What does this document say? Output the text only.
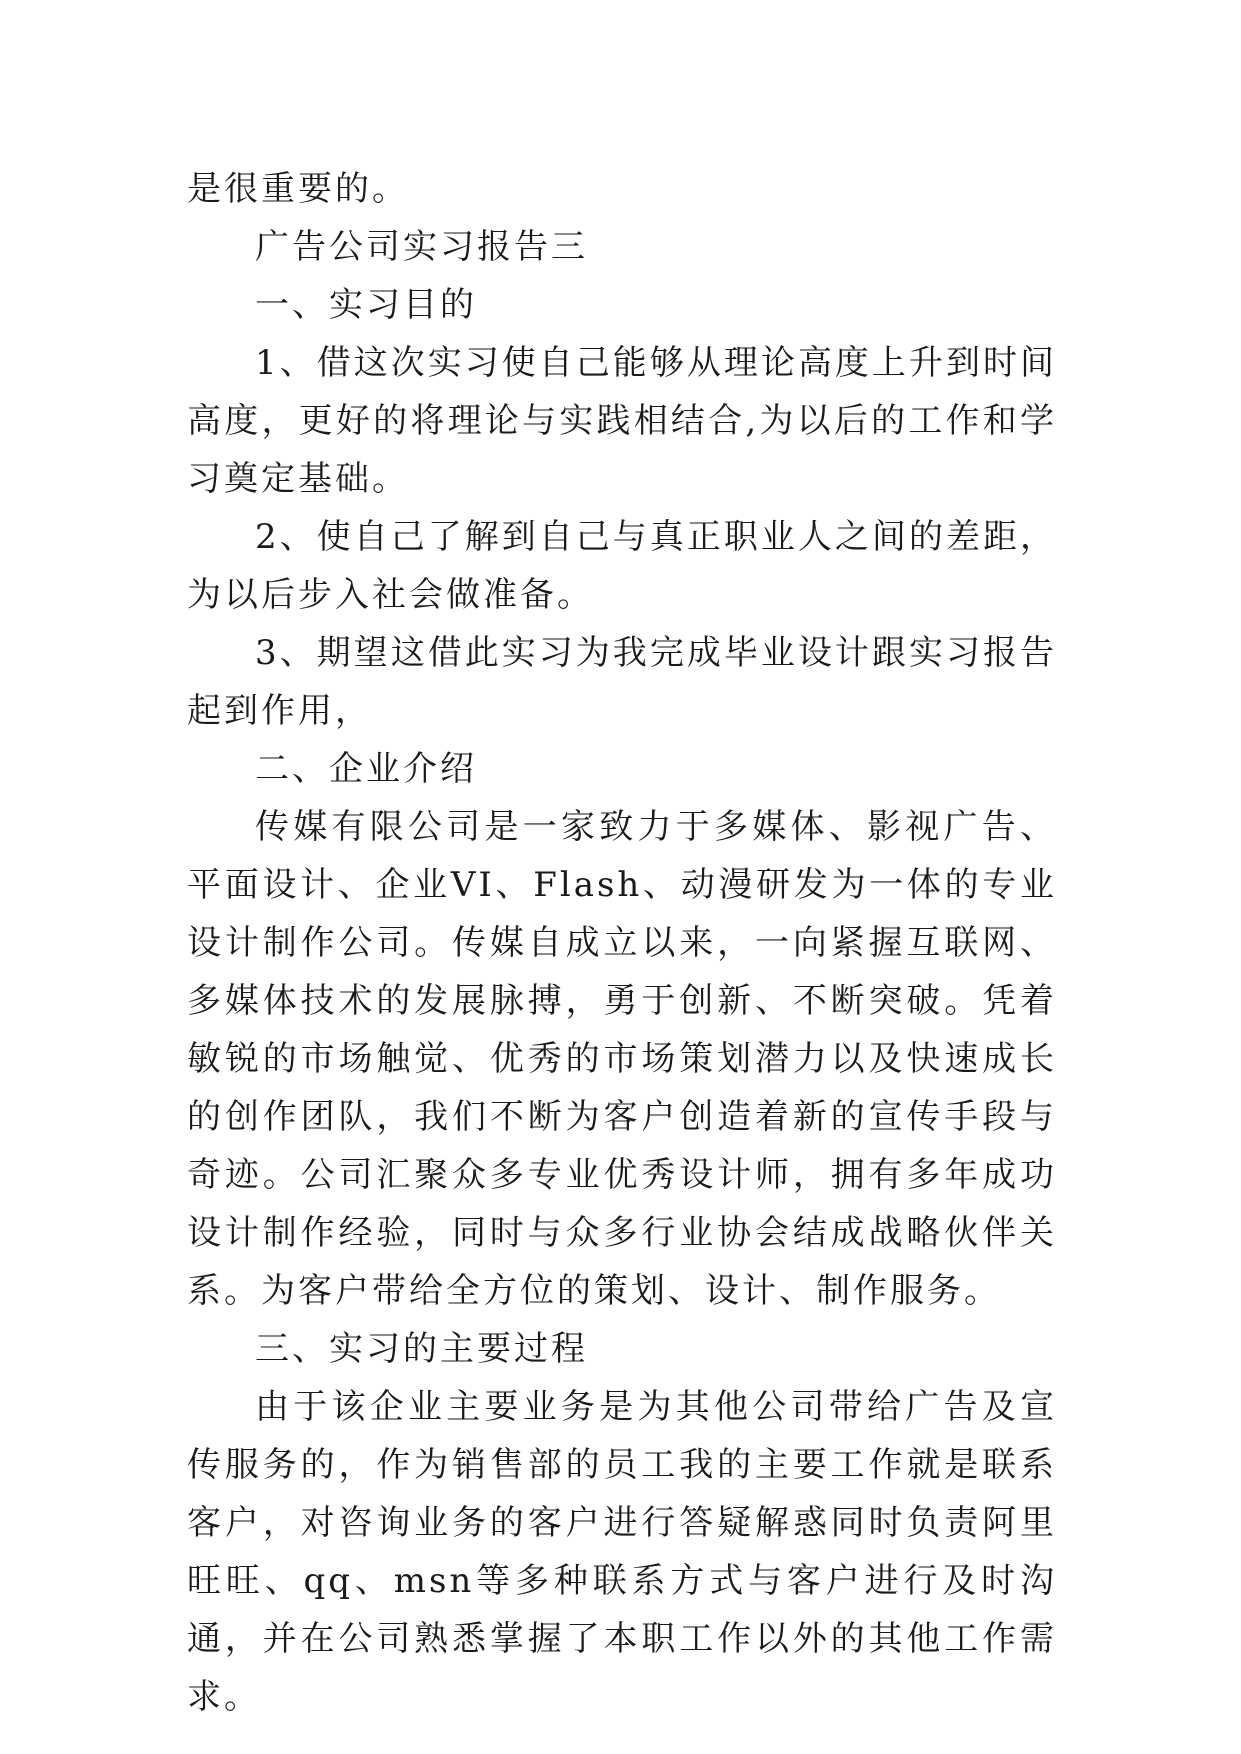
是很重要的。

广告公司实习报告三

一、实习目的

1、借这次实习使自己能够从理论高度上升到时间高度，更好的将理论与实践相结合,为以后的工作和学习奠定基础。

2、使自己了解到自己与真正职业人之间的差距，为以后步入社会做准备。

3、期望这借此实习为我完成毕业设计跟实习报告起到作用，

二、企业介绍

传媒有限公司是一家致力于多媒体、影视广告、平面设计、企业VI、Flash、动漫研发为一体的专业设计制作公司。传媒自成立以来，一向紧握互联网、多媒体技术的发展脉搏，勇于创新、不断突破。凭着敏锐的市场触觉、优秀的市场策划潜力以及快速成长的创作团队，我们不断为客户创造着新的宣传手段与奇迹。公司汇聚众多专业优秀设计师，拥有多年成功设计制作经验，同时与众多行业协会结成战略伙伴关系。为客户带给全方位的策划、设计、制作服务。

三、实习的主要过程

由于该企业主要业务是为其他公司带给广告及宣传服务的，作为销售部的员工我的主要工作就是联系客户，对咨询业务的客户进行答疑解惑同时负责阿里旺旺、qq、msn等多种联系方式与客户进行及时沟通，并在公司熟悉掌握了本职工作以外的其他工作需求。
